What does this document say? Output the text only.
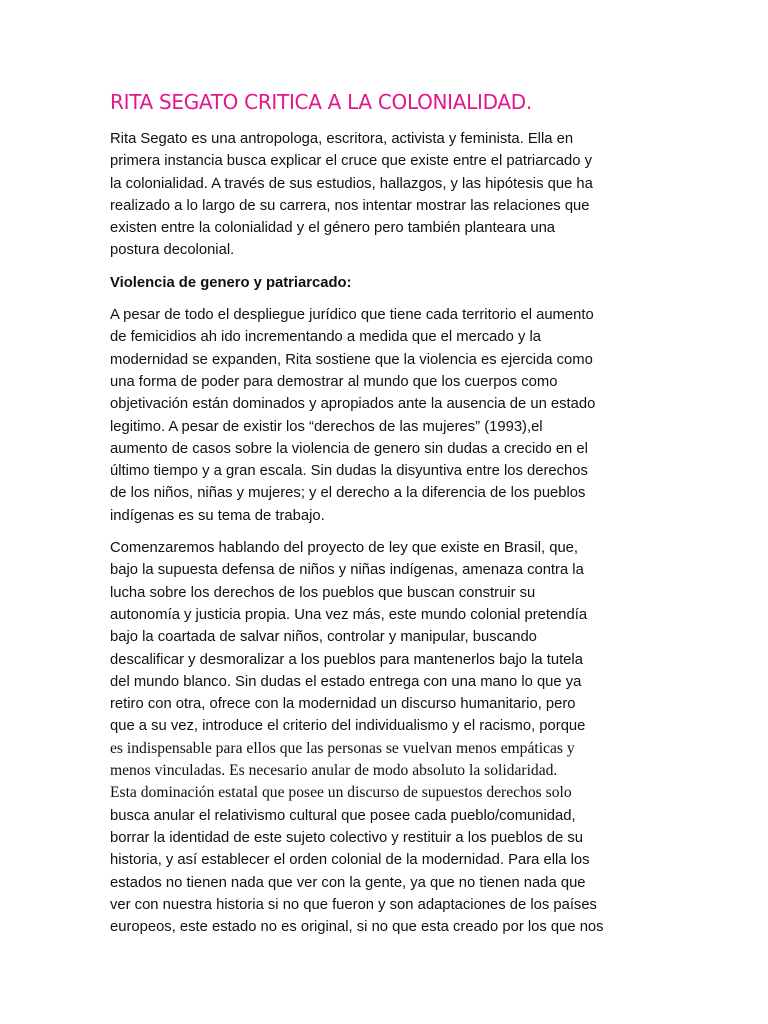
RITA SEGATO CRITICA A LA COLONIALIDAD.
Rita Segato es una antropologa, escritora, activista y feminista. Ella en
primera instancia busca explicar el cruce que existe entre el patriarcado y
la colonialidad. A través de sus estudios, hallazgos, y las hipótesis que ha
realizado a lo largo de su carrera, nos intentar mostrar las relaciones que
existen entre la colonialidad y el género pero también planteara una
postura decolonial.
Violencia de genero y patriarcado:
A pesar de todo el despliegue jurídico que tiene cada territorio el aumento
de femicidios ah ido incrementando a medida que el mercado y la
modernidad se expanden, Rita sostiene que la violencia es ejercida como
una forma de poder para demostrar al mundo que los cuerpos como
objetivación están dominados y apropiados ante la ausencia de un estado
legitimo. A pesar de existir los “derechos de las mujeres” (1993),el
aumento de casos sobre la violencia de genero sin dudas a crecido en el
último tiempo y a gran escala. Sin dudas la disyuntiva entre los derechos
de los niños, niñas y mujeres; y el derecho a la diferencia de los pueblos
indígenas es su tema de trabajo.
Comenzaremos hablando del proyecto de ley que existe en Brasil, que,
bajo la supuesta defensa de niños y niñas indígenas, amenaza contra la
lucha sobre los derechos de los pueblos que buscan construir su
autonomía y justicia propia. Una vez más, este mundo colonial pretendía
bajo la coartada de salvar niños, controlar y manipular, buscando
descalificar y desmoralizar a los pueblos para mantenerlos bajo la tutela
del mundo blanco. Sin dudas el estado entrega con una mano lo que ya
retiro con otra, ofrece con la modernidad un discurso humanitario, pero
que a su vez, introduce el criterio del individualismo y el racismo, porque
es indispensable para ellos que las personas se vuelvan menos empáticas y
menos vinculadas. Es necesario anular de modo absoluto la solidaridad.
Esta dominación estatal que posee un discurso de supuestos derechos solo
busca anular el relativismo cultural que posee cada pueblo/comunidad,
borrar la identidad de este sujeto colectivo y restituir a los pueblos de su
historia, y así establecer el orden colonial de la modernidad. Para ella los
estados no tienen nada que ver con la gente, ya que no tienen nada que
ver con nuestra historia si no que fueron y son adaptaciones de los países
europeos, este estado no es original, si no que esta creado por los que nos
